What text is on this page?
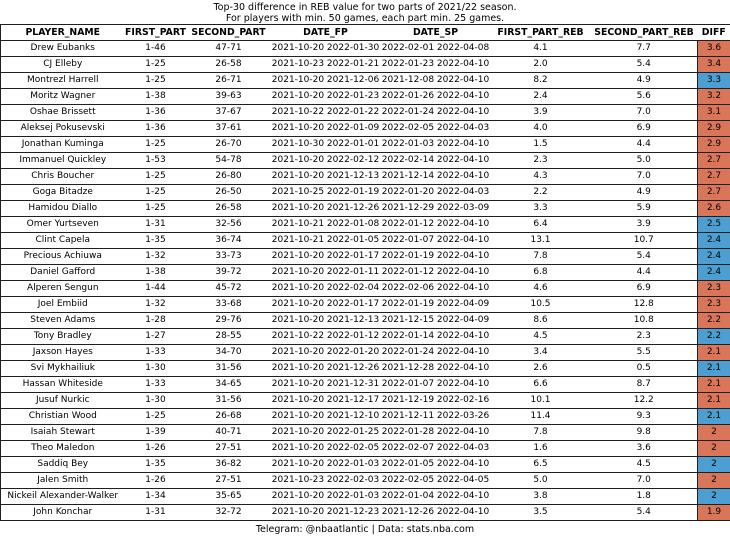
Top-30 difference in REB value for two parts of 2021/22 season.
For players with min. 50 games, each part min. 25 games.
PLAYER_NAME	FIRST_PART	SECOND_PART	DATE_FP	DATE_SP	FIRST_PART_REB	SECOND_PART_REB	DIFF
Drew Eubanks	1-46	47-71	2021-10-20 2022-01-30	2022-02-01 2022-04-08	4.1	7.7	3.6
CJ Elleby	1-25	26-58	2021-10-23 2022-01-21	2022-01-23 2022-04-10	2.0	5.4	3.4
Montrezl Harrell	1-25	26-71	2021-10-20 2021-12-06	2021-12-08 2022-04-10	8.2	4.9	3.3
Moritz Wagner	1-38	39-63	2021-10-20 2022-01-23	2022-01-26 2022-04-10	2.4	5.6	3.2
Oshae Brissett	1-36	37-67	2021-10-22 2022-01-22	2022-01-24 2022-04-10	3.9	7.0	3.1
Aleksej Pokusevski	1-36	37-61	2021-10-20 2022-01-09	2022-02-05 2022-04-03	4.0	6.9	2.9
Jonathan Kuminga	1-25	26-70	2021-10-30 2022-01-01	2022-01-03 2022-04-10	1.5	4.4	2.9
Immanuel Quickley	1-53	54-78	2021-10-20 2022-02-12	2022-02-14 2022-04-10	2.3	5.0	2.7
Chris Boucher	1-25	26-80	2021-10-20 2021-12-13	2021-12-14 2022-04-10	4.3	7.0	2.7
Goga Bitadze	1-25	26-50	2021-10-25 2022-01-19	2022-01-20 2022-04-03	2.2	4.9	2.7
Hamidou Diallo	1-25	26-58	2021-10-20 2021-12-26	2021-12-29 2022-03-09	3.3	5.9	2.6
Omer Yurtseven	1-31	32-56	2021-10-21 2022-01-08	2022-01-12 2022-04-10	6.4	3.9	2.5
Clint Capela	1-35	36-74	2021-10-21 2022-01-05	2022-01-07 2022-04-10	13.1	10.7	2.4
Precious Achiuwa	1-32	33-73	2021-10-20 2022-01-17	2022-01-19 2022-04-10	7.8	5.4	2.4
Daniel Gafford	1-38	39-72	2021-10-20 2022-01-11	2022-01-12 2022-04-10	6.8	4.4	2.4
Alperen Sengun	1-44	45-72	2021-10-20 2022-02-04	2022-02-06 2022-04-10	4.6	6.9	2.3
Joel Embiid	1-32	33-68	2021-10-20 2022-01-17	2022-01-19 2022-04-09	10.5	12.8	2.3
Steven Adams	1-28	29-76	2021-10-20 2021-12-13	2021-12-15 2022-04-09	8.6	10.8	2.2
Tony Bradley	1-27	28-55	2021-10-22 2022-01-12	2022-01-14 2022-04-10	4.5	2.3	2.2
Jaxson Hayes	1-33	34-70	2021-10-20 2022-01-20	2022-01-24 2022-04-10	3.4	5.5	2.1
Svi Mykhailiuk	1-30	31-56	2021-10-20 2021-12-26	2021-12-28 2022-04-10	2.6	0.5	2.1
Hassan Whiteside	1-33	34-65	2021-10-20 2021-12-31	2022-01-07 2022-04-10	6.6	8.7	2.1
Jusuf Nurkic	1-30	31-56	2021-10-20 2021-12-17	2021-12-19 2022-02-16	10.1	12.2	2.1
Christian Wood	1-25	26-68	2021-10-20 2021-12-10	2021-12-11 2022-03-26	11.4	9.3	2.1
Isaiah Stewart	1-39	40-71	2021-10-20 2022-01-25	2022-01-28 2022-04-10	7.8	9.8	2
Theo Maledon	1-26	27-51	2021-10-20 2022-02-05	2022-02-07 2022-04-03	1.6	3.6	2
Saddiq Bey	1-35	36-82	2021-10-20 2022-01-03	2022-01-05 2022-04-10	6.5	4.5	2
Jalen Smith	1-26	27-51	2021-10-23 2022-02-03	2022-02-05 2022-04-05	5.0	7.0	2
Nickeil Alexander-Walker	1-34	35-65	2021-10-20 2022-01-03	2022-01-04 2022-04-10	3.8	1.8	2
John Konchar	1-31	32-72	2021-10-20 2021-12-23	2021-12-26 2022-04-10	3.5	5.4	1.9
Telegram: @nbaatlantic | Data: stats.nba.com
